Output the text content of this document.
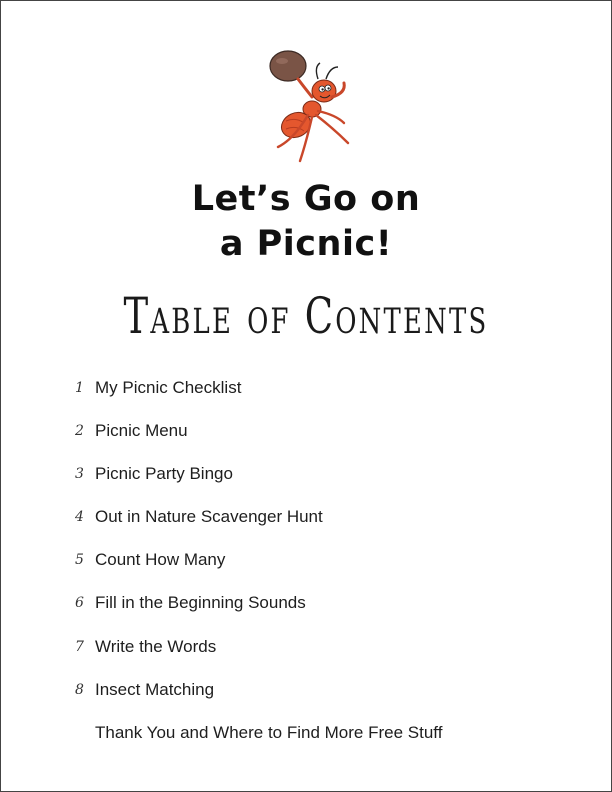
Let’s Go on
a Picnic!
Table of Contents
1 My Picnic Checklist
2 Picnic Menu
3 Picnic Party Bingo
4 Out in Nature Scavenger Hunt
5 Count How Many
6 Fill in the Beginning Sounds
7 Write the Words
8 Insect Matching
Thank You and Where to Find More Free Stuff
